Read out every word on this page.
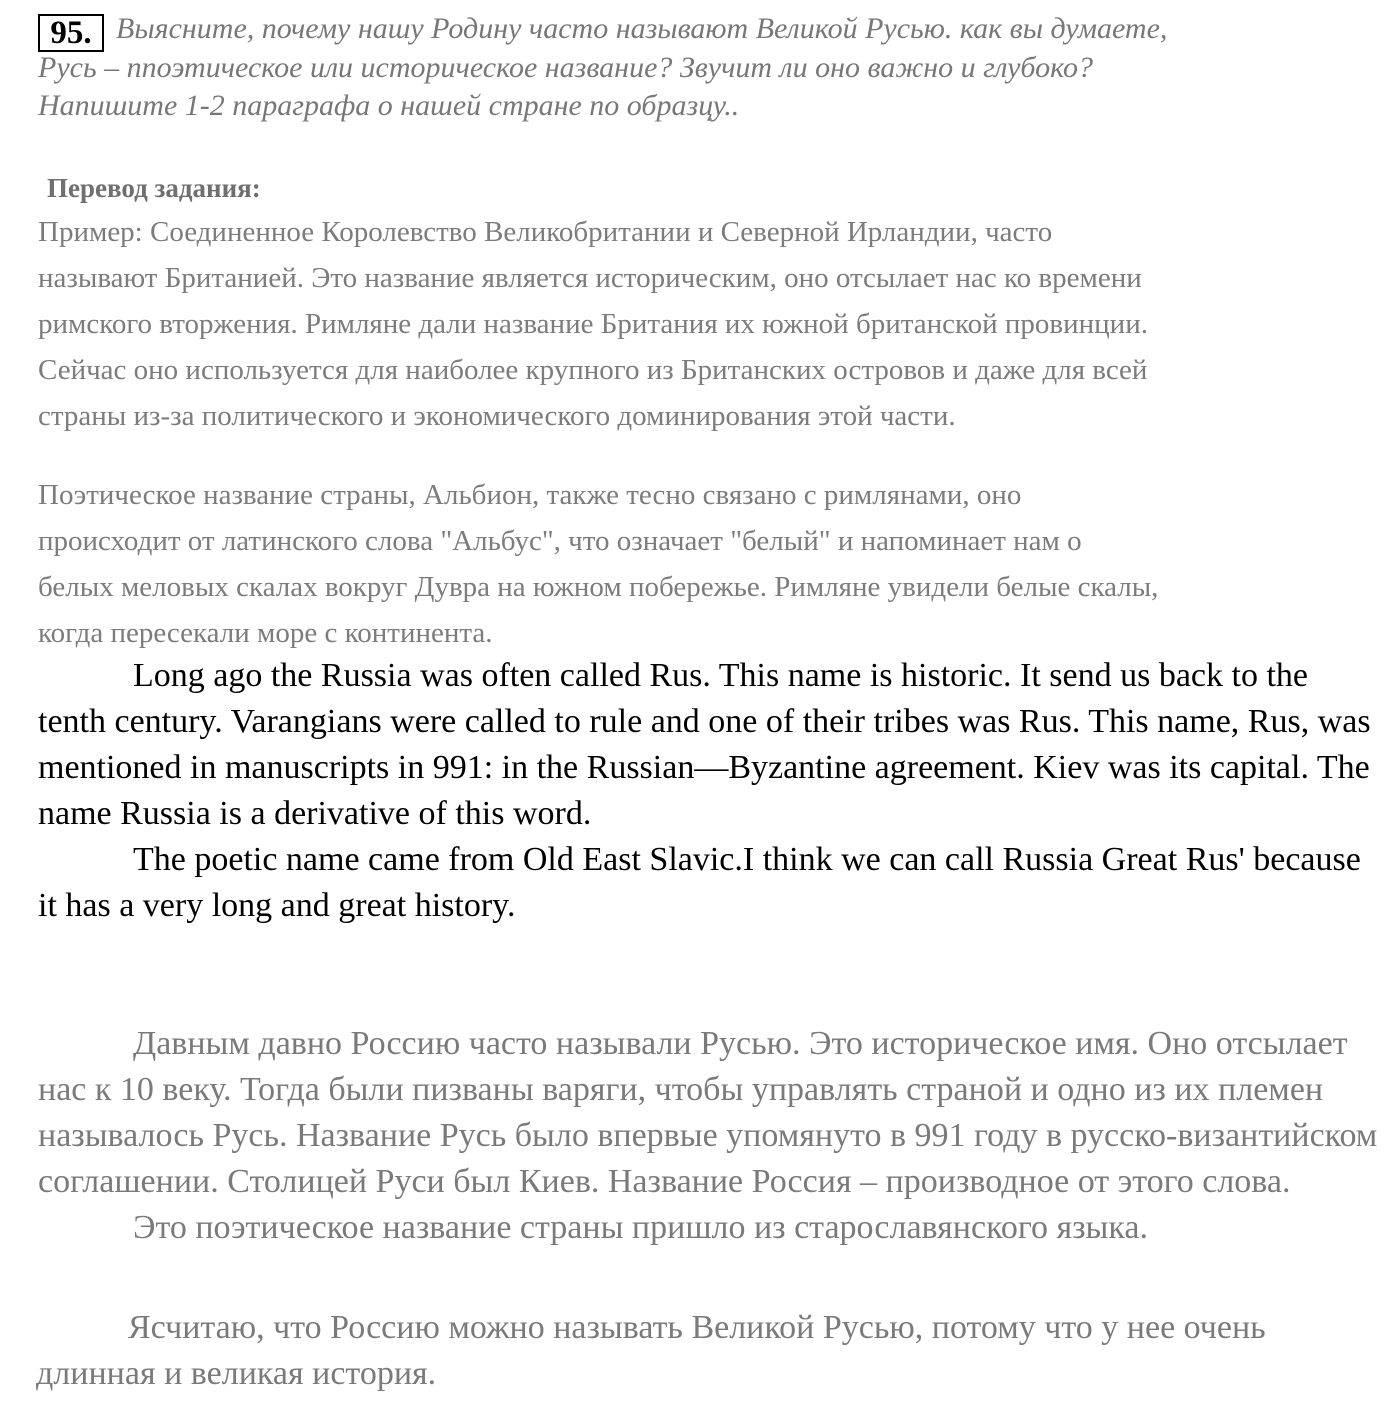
95. Выясните, почему нашу Родину часто называют Великой Русью. как вы думаете,
Русь – ппоэтическое или историческое название? Звучит ли оно важно и глубоко?
Напишите 1-2 параграфа о нашей стране по образцу..

Перевод задания:

Пример: Соединенное Королевство Великобритании и Северной Ирландии, часто
называют Британией. Это название является историческим, оно отсылает нас ко времени
римского вторжения. Римляне дали название Британия их южной британской провинции.
Сейчас оно используется для наиболее крупного из Британских островов и даже для всей
страны из-за политического и экономического доминирования этой части.

Поэтическое название страны, Альбион, также тесно связано с римлянами, оно
происходит от латинского слова "Альбус", что означает "белый" и напоминает нам о
белых меловых скалах вокруг Дувра на южном побережье. Римляне увидели белые скалы,
когда пересекали море с континента.

Long ago the Russia was often called Rus. This name is historic. It send us back to the tenth century. Varangians were called to rule and one of their tribes was Rus. This name, Rus, was mentioned in manuscripts in 991: in the Russian—Byzantine agreement. Kiev was its capital. The name Russia is a derivative of this word.

The poetic name came from Old East Slavic.I think we can call Russia Great Rus' because it has a very long and great history.

Давным давно Россию часто называли Русью. Это историческое имя. Оно отсылает нас к 10 веку. Тогда были пизваны варяги, чтобы управлять страной и одно из их племен называлось Русь. Название Русь было впервые упомянуто в 991 году в русско-византийском соглашении. Столицей Руси был Киев. Название Россия – производное от этого слова.

Это поэтическое название страны пришло из старославянского языка.

Ясчитаю, что Россию можно называть Великой Русью, потому что у нее очень длинная и великая история.
